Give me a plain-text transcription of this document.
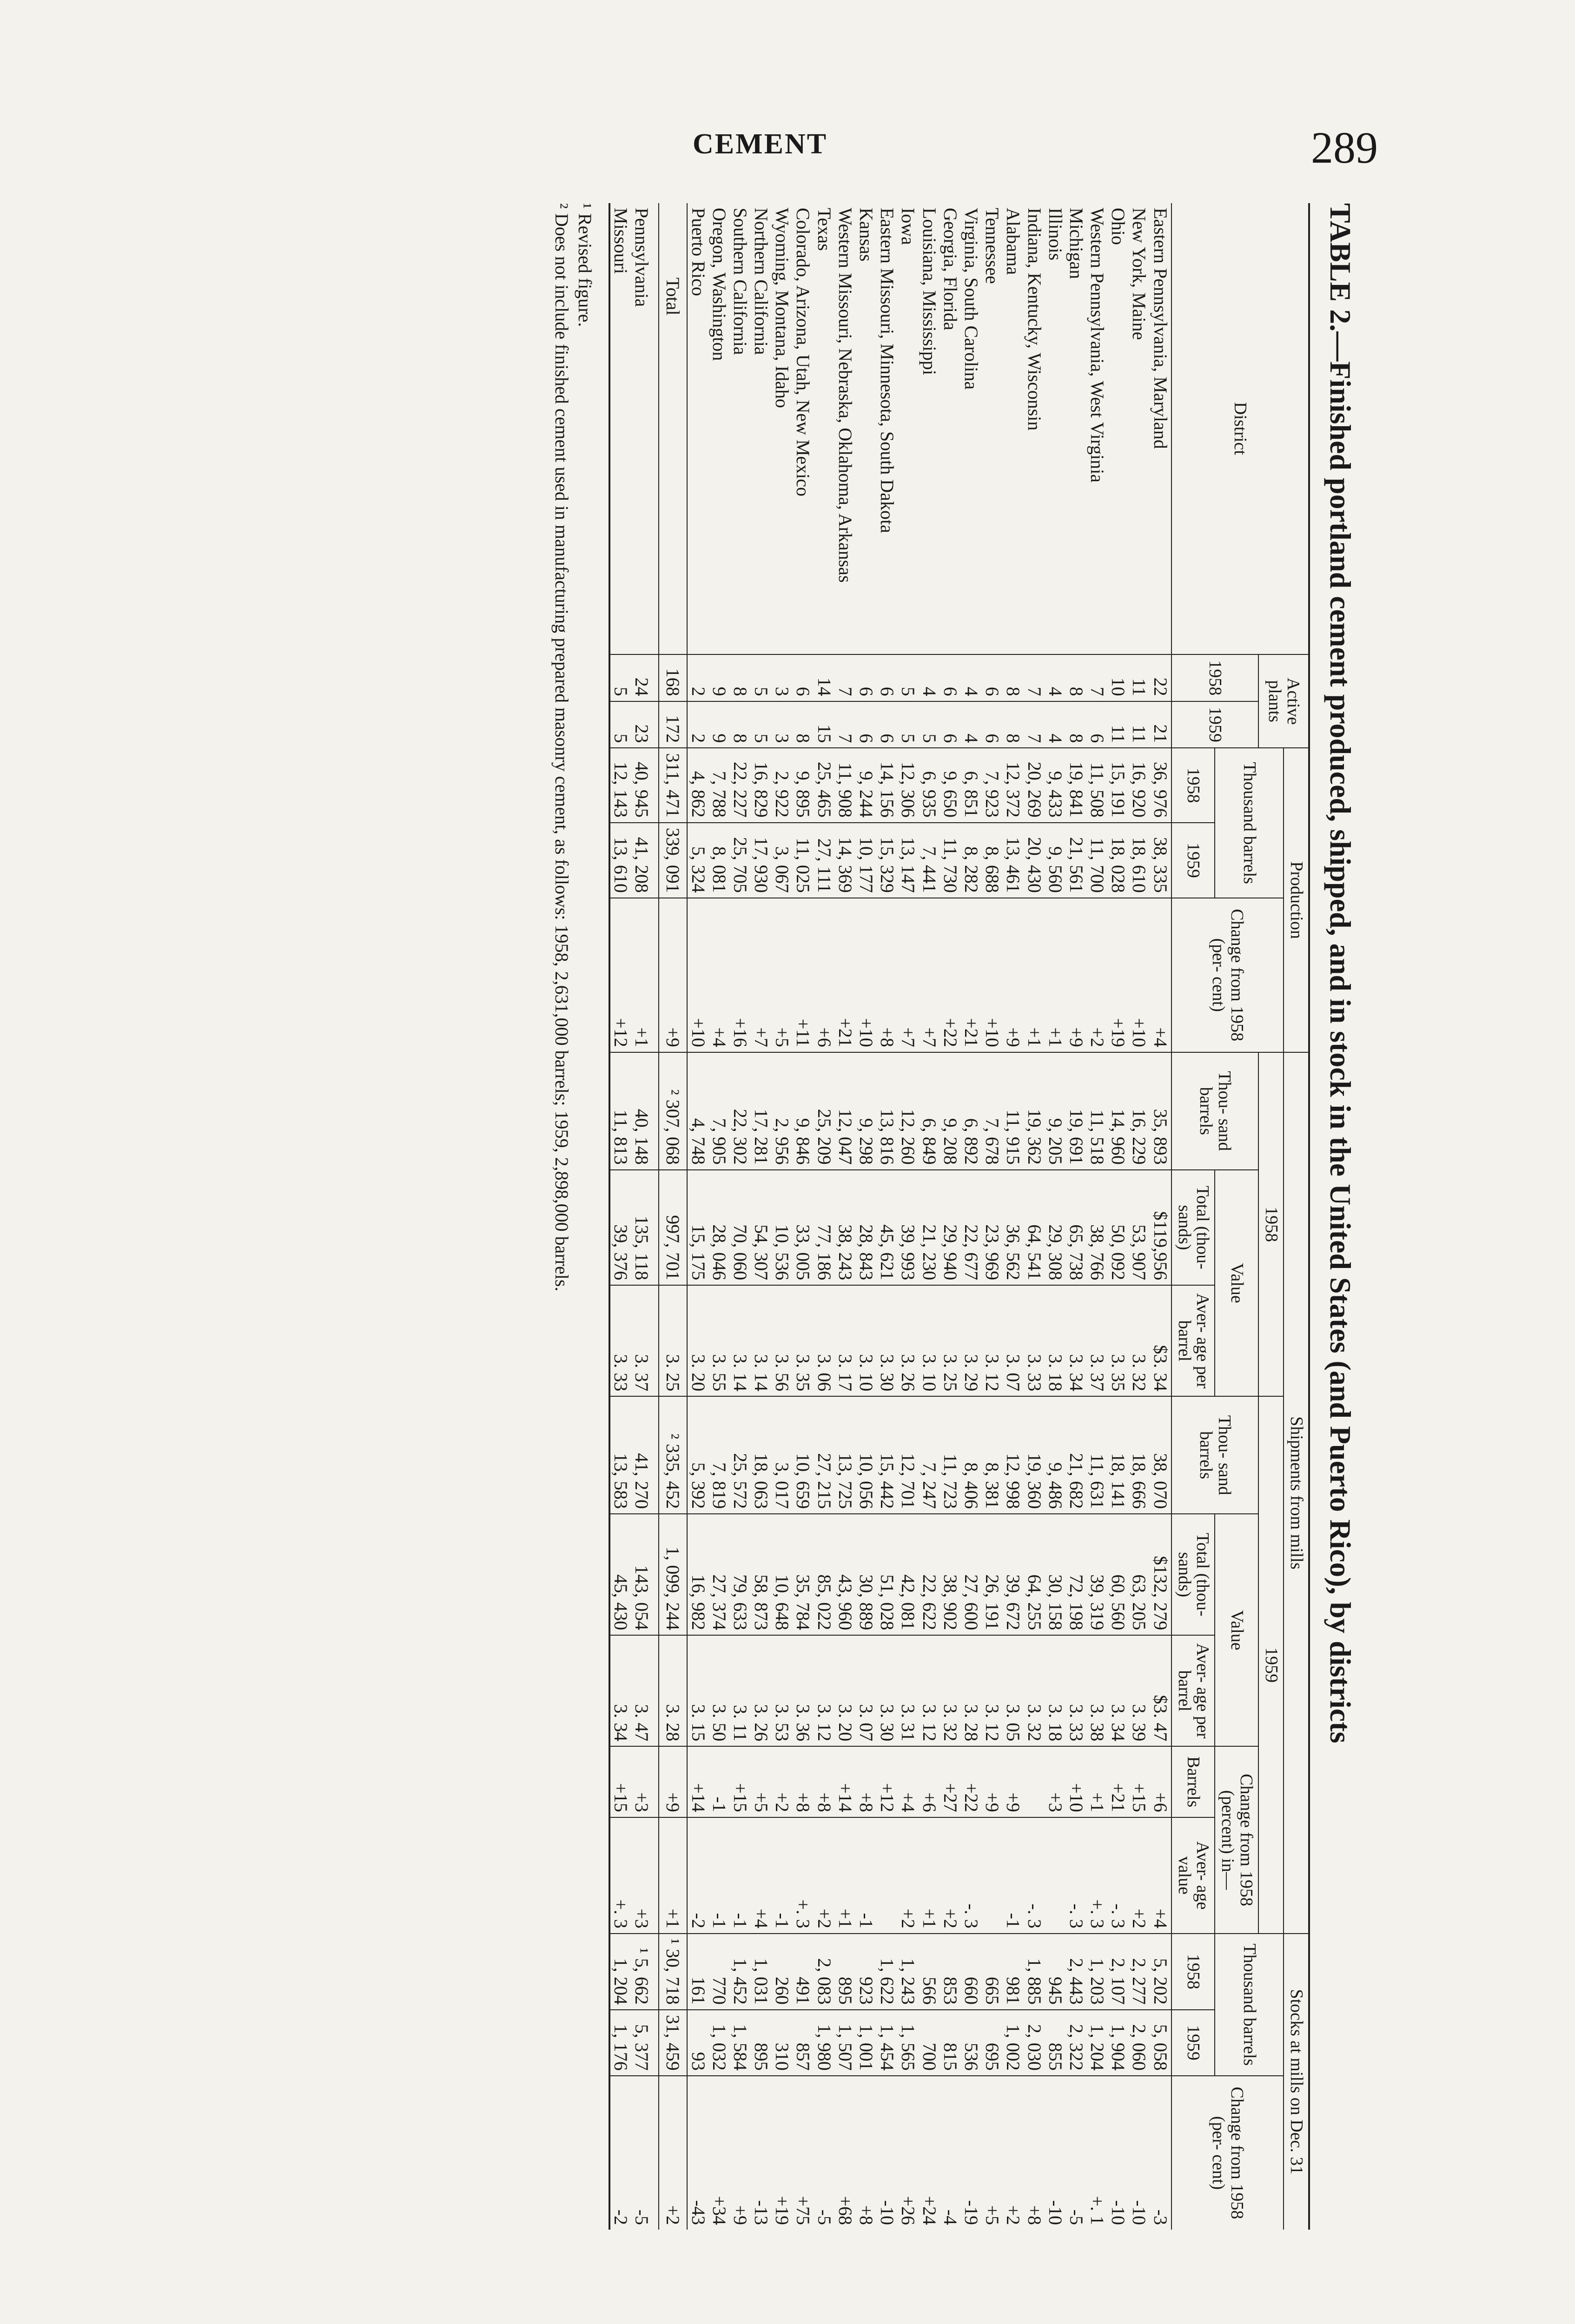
CEMENT	289
TABLE 2.—Finished portland cement produced, shipped, and in stock in the United States (and Puerto Rico), by districts
District	Active plants		Production			Shipments from mills								Stocks at mills on Dec. 31		
			Thousand barrels		Change from 1958 (per- cent)	1958			1959					Thousand barrels		Change from 1958 (per- cent)
	1958	1959				Thou- sand barrels	Value		Thou- sand barrels	Value		Change from 1958 (percent) in—				
			1958	1959			Total (thou- sands)	Aver- age per barrel		Total (thou- sands)	Aver- age per barrel	Barrels	Aver- age value	1958	1959	
Eastern Pennsylvania, Maryland	22	21	36, 976	38, 335	+4	35, 893	$119,956	$3. 34	38, 070	$132, 279	$3. 47	+6	+4	5, 202	5, 058	-3
New York, Maine	11	11	16, 920	18, 610	+10	16, 229	53, 907	3. 32	18, 666	63, 205	3. 39	+15	+2	2, 277	2, 060	-10
Ohio	10	11	15, 191	18, 028	+19	14, 960	50, 092	3. 35	18, 141	60, 560	3. 34	+21	-. 3	2, 107	1, 904	-10
Western Pennsylvania, West Virginia	7	6	11, 508	11, 700	+2	11, 518	38, 766	3. 37	11, 631	39, 319	3. 38	+1	+. 3	1, 203	1, 204	+. 1
Michigan	8	8	19, 841	21, 561	+9	19, 691	65, 738	3. 34	21, 682	72, 198	3. 33	+10	-. 3	2, 443	2, 322	-5
Illinois	4	4	9, 433	9, 560	+1	9, 205	29, 308	3. 18	9, 486	30, 158	3. 18	+3		945	855	-10
Indiana, Kentucky, Wisconsin	7	7	20, 269	20, 430	+1	19, 362	64, 541	3. 33	19, 360	64, 255	3. 32		-. 3	1, 885	2, 030	+8
Alabama	8	8	12, 372	13, 461	+9	11, 915	36, 562	3. 07	12, 998	39, 672	3. 05	+9	-1	981	1, 002	+2
Tennessee	6	6	7, 923	8, 688	+10	7, 678	23, 969	3. 12	8, 381	26, 191	3. 12	+9		665	695	+5
Virginia, South Carolina	4	4	6, 851	8, 282	+21	6, 892	22, 677	3. 29	8, 406	27, 600	3. 28	+22	-. 3	660	536	-19
Georgia, Florida	6	6	9, 650	11, 730	+22	9, 208	29, 940	3. 25	11, 723	38, 902	3. 32	+27	+2	853	815	-4
Louisiana, Mississippi	4	5	6, 935	7, 441	+7	6, 849	21, 230	3. 10	7, 247	22, 622	3. 12	+6	+1	566	700	+24
Iowa	5	5	12, 306	13, 147	+7	12, 260	39, 993	3. 26	12, 701	42, 081	3. 31	+4	+2	1, 243	1, 565	+26
Eastern Missouri, Minnesota, South Dakota	6	6	14, 156	15, 329	+8	13, 816	45, 621	3. 30	15, 442	51, 028	3. 30	+12		1, 622	1, 454	-10
Kansas	6	6	9, 244	10, 177	+10	9, 298	28, 843	3. 10	10, 056	30, 889	3. 07	+8	-1	923	1, 001	+8
Western Missouri, Nebraska, Oklahoma, Arkansas	7	7	11, 908	14, 369	+21	12, 047	38, 243	3. 17	13, 725	43, 960	3. 20	+14	+1	895	1, 507	+68
Texas	14	15	25, 465	27, 111	+6	25, 209	77, 186	3. 06	27, 215	85, 022	3. 12	+8	+2	2, 083	1, 980	-5
Colorado, Arizona, Utah, New Mexico	6	8	9, 895	11, 025	+11	9, 846	33, 005	3. 35	10, 659	35, 784	3. 36	+8	+. 3	491	857	+75
Wyoming, Montana, Idaho	3	3	2, 922	3, 067	+5	2, 956	10, 536	3. 56	3, 017	10, 648	3. 53	+2	-1	260	310	+19
Northern California	5	5	16, 829	17, 930	+7	17, 281	54, 307	3. 14	18, 063	58, 873	3. 26	+5	+4	1, 031	895	-13
Southern California	8	8	22, 227	25, 705	+16	22, 302	70, 060	3. 14	25, 572	79, 633	3. 11	+15	-1	1, 452	1, 584	+9
Oregon, Washington	9	9	7, 788	8, 081	+4	7, 905	28, 046	3. 55	7, 819	27, 374	3. 50	-1	-1	770	1, 032	+34
Puerto Rico	2	2	4, 862	5, 324	+10	4, 748	15, 175	3. 20	5, 392	16, 982	3. 15	+14	-2	161	93	-43
Total	168	172	311, 471	339, 091	+9	² 307, 068	997, 701	3. 25	² 335, 452	1, 099, 244	3. 28	+9	+1	¹ 30, 718	31, 459	+2
Pennsylvania	24	23	40, 945	41, 208	+1	40, 148	135, 118	3. 37	41, 270	143, 054	3. 47	+3	+3	¹ 5, 662	5, 377	-5
Missouri	5	5	12, 143	13, 610	+12	11, 813	39, 376	3. 33	13, 583	45, 430	3. 34	+15	+. 3	1, 204	1, 176	-2
¹ Revised figure.
² Does not include finished cement used in manufacturing prepared masonry cement, as follows: 1958, 2,631,000 barrels; 1959, 2,898,000 barrels.
